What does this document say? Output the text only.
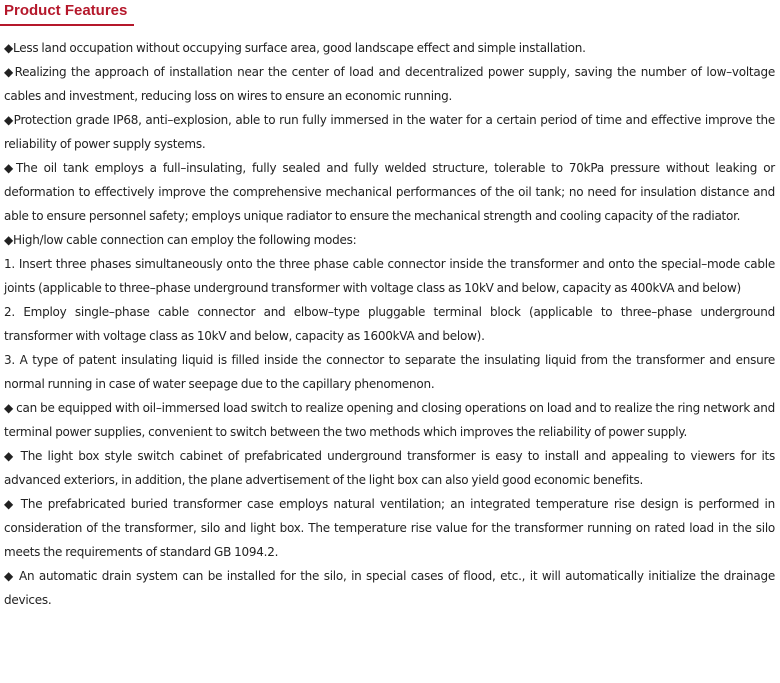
Product Features

◆Less land occupation without occupying surface area, good landscape effect and simple installation.

◆Realizing the approach of installation near the center of load and decentralized power supply, saving the number of low–voltage cables and investment, reducing loss on wires to ensure an economic running.

◆Protection grade IP68, anti–explosion, able to run fully immersed in the water for a certain period of time and effective improve the reliability of power supply systems.

◆The oil tank employs a full–insulating, fully sealed and fully welded structure, tolerable to 70kPa pressure without leaking or deformation to effectively improve the comprehensive mechanical performances of the oil tank; no need for insulation distance and able to ensure personnel safety; employs unique radiator to ensure the mechanical strength and cooling capacity of the radiator.

◆High/low cable connection can employ the following modes:

1. Insert three phases simultaneously onto the three phase cable connector inside the transformer and onto the special–mode cable joints (applicable to three–phase underground transformer with voltage class as 10kV and below, capacity as 400kVA and below)

2. Employ single–phase cable connector and elbow–type pluggable terminal block (applicable to three–phase underground transformer with voltage class as 10kV and below, capacity as 1600kVA and below).

3. A type of patent insulating liquid is filled inside the connector to separate the insulating liquid from the transformer and ensure normal running in case of water seepage due to the capillary phenomenon.

◆ can be equipped with oil–immersed load switch to realize opening and closing operations on load and to realize the ring network and terminal power supplies, convenient to switch between the two methods which improves the reliability of power supply.

◆ The light box style switch cabinet of prefabricated underground transformer is easy to install and appealing to viewers for its advanced exteriors, in addition, the plane advertisement of the light box can also yield good economic benefits.

◆ The prefabricated buried transformer case employs natural ventilation; an integrated temperature rise design is performed in consideration of the transformer, silo and light box. The temperature rise value for the transformer running on rated load in the silo meets the requirements of standard GB 1094.2.

◆ An automatic drain system can be installed for the silo, in special cases of flood, etc., it will automatically initialize the drainage devices.
